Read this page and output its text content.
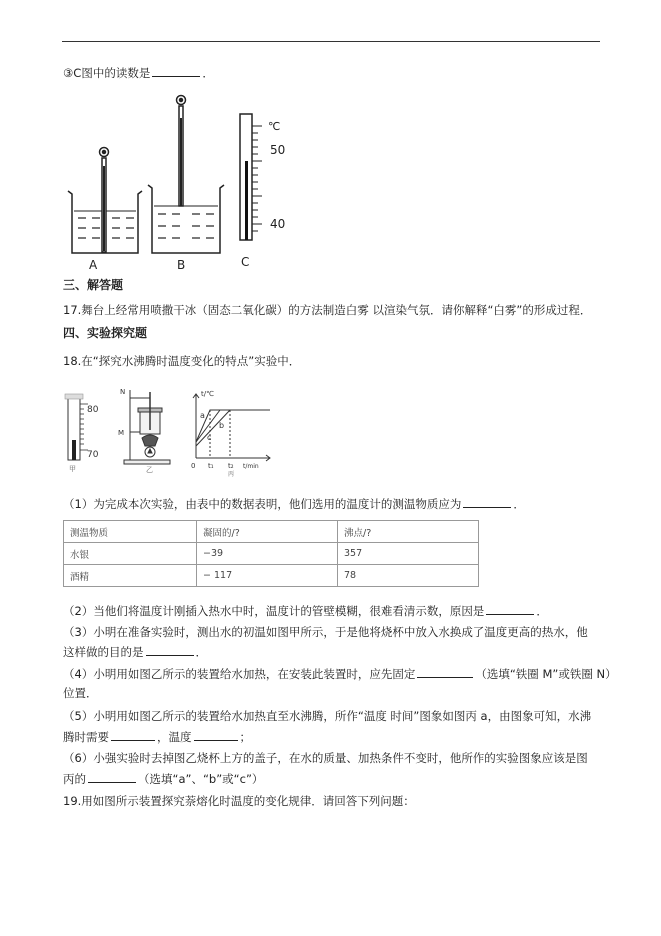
③C图中的读数是	．
A	B	C
℃
50
40
三、解答题
17.舞台上经常用喷撒干冰（固态二氧化碳）的方法制造白雾 以渲染气氛．请你解释“白雾”的形成过程．
四、实验探究题
18.在“探究水沸腾时温度变化的特点”实验中．
80
70
甲
N
M
乙
t/℃
a
b
c
0 t₁ t₂ t/min
丙
（1）为完成本次实验，由表中的数据表明，他们选用的温度计的测温物质应为	．
测温物质	凝固的/?	沸点/?
水银	−39	357
酒精	− 117	78
（2）当他们将温度计刚插入热水中时，温度计的管壁模糊，很难看清示数，原因是	．
（3）小明在准备实验时，测出水的初温如图甲所示，于是他将烧杯中放入水换成了温度更高的热水，他
这样做的目的是	．
（4）小明用如图乙所示的装置给水加热，在安装此装置时，应先固定	（选填“铁圈 M”或铁圈 N）
位置．
（5）小明用如图乙所示的装置给水加热直至水沸腾，所作“温度 时间”图象如图丙 a，由图象可知，水沸
腾时需要	，温度	；
（6）小强实验时去掉图乙烧杯上方的盖子，在水的质量、加热条件不变时，他所作的实验图象应该是图
丙的	（选填“a”、“b”或“c”）
19.用如图所示装置探究萘熔化时温度的变化规律．请回答下列问题：
